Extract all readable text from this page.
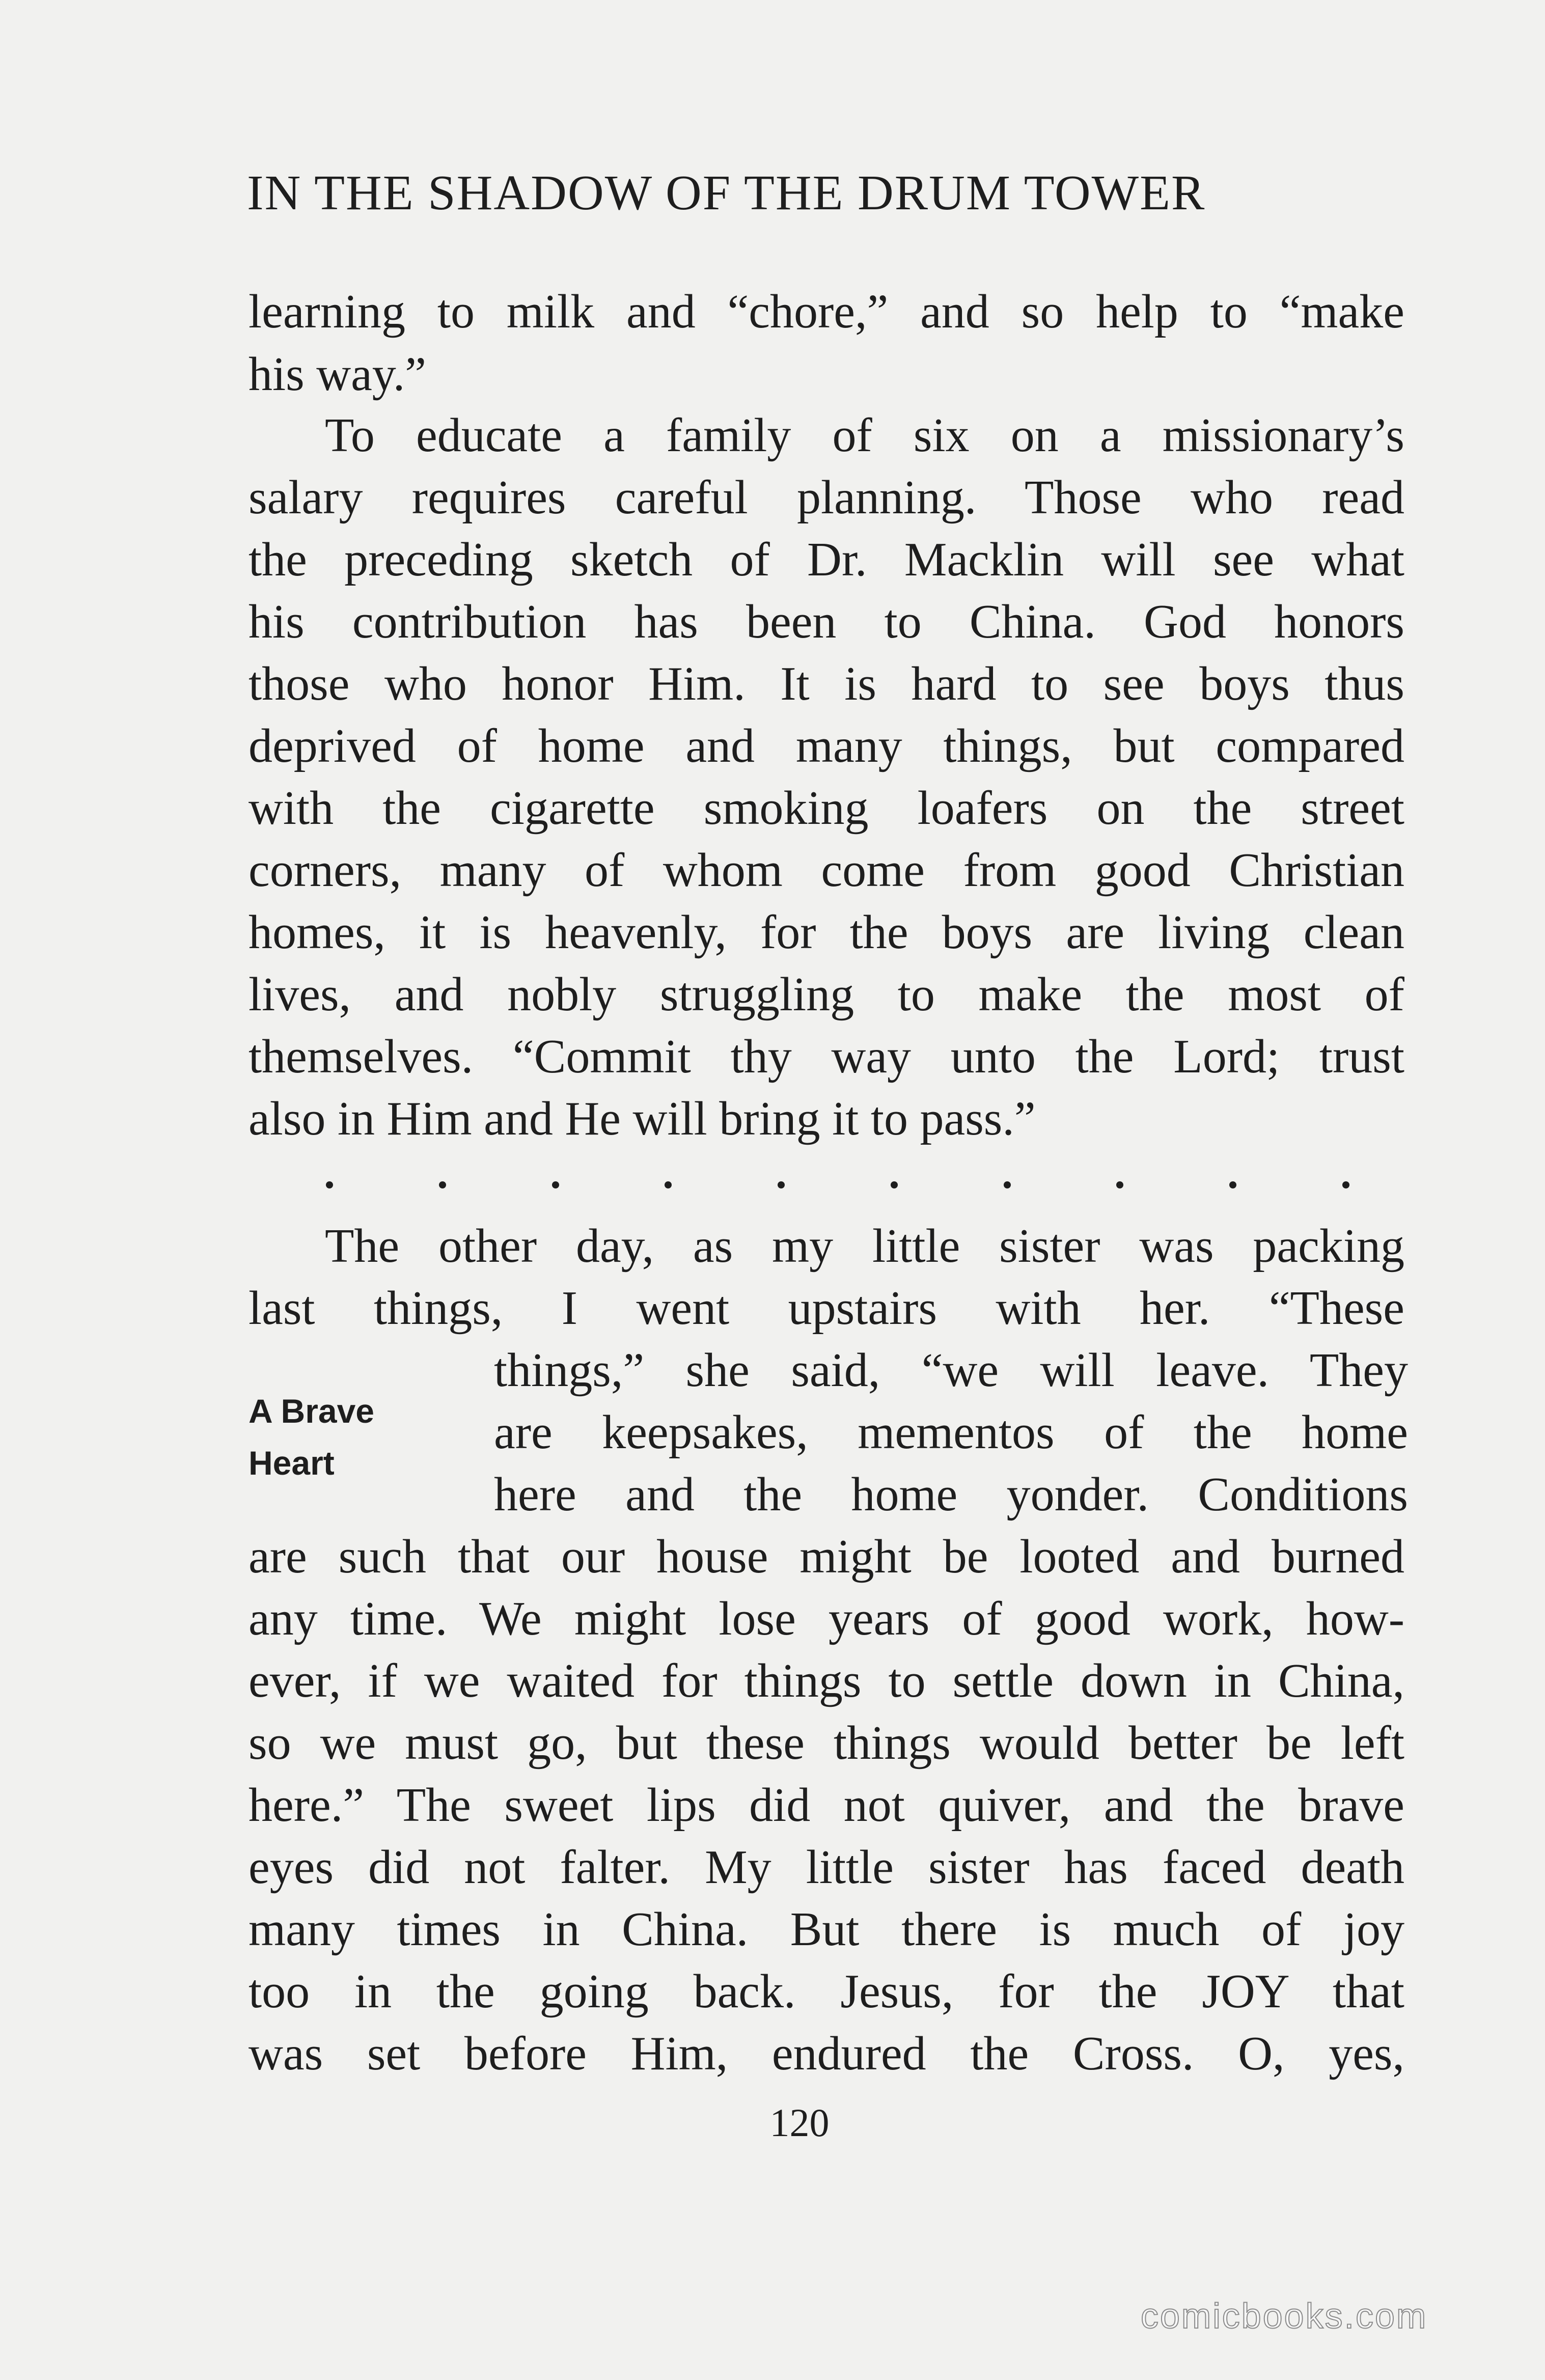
IN THE SHADOW OF THE DRUM TOWER
learning to milk and “chore,” and so help to “make
his way.”
To educate a family of six on a missionary’s
salary requires careful planning. Those who read
the preceding sketch of Dr. Macklin will see what
his contribution has been to China. God honors
those who honor Him. It is hard to see boys thus
deprived of home and many things, but compared
with the cigarette smoking loafers on the street
corners, many of whom come from good Christian
homes, it is heavenly, for the boys are living clean
lives, and nobly struggling to make the most of
themselves. “Commit thy way unto the Lord; trust
also in Him and He will bring it to pass.”
The other day, as my little sister was packing
last things, I went upstairs with her. “These
things,” she said, “we will leave. They
are keepsakes, mementos of the home
here and the home yonder. Conditions
are such that our house might be looted and burned
any time. We might lose years of good work, how-
ever, if we waited for things to settle down in China,
so we must go, but these things would better be left
here.” The sweet lips did not quiver, and the brave
eyes did not falter. My little sister has faced death
many times in China. But there is much of joy
too in the going back. Jesus, for the JOY that
was set before Him, endured the Cross. O, yes,
A Brave
Heart
120
comicbooks.com
